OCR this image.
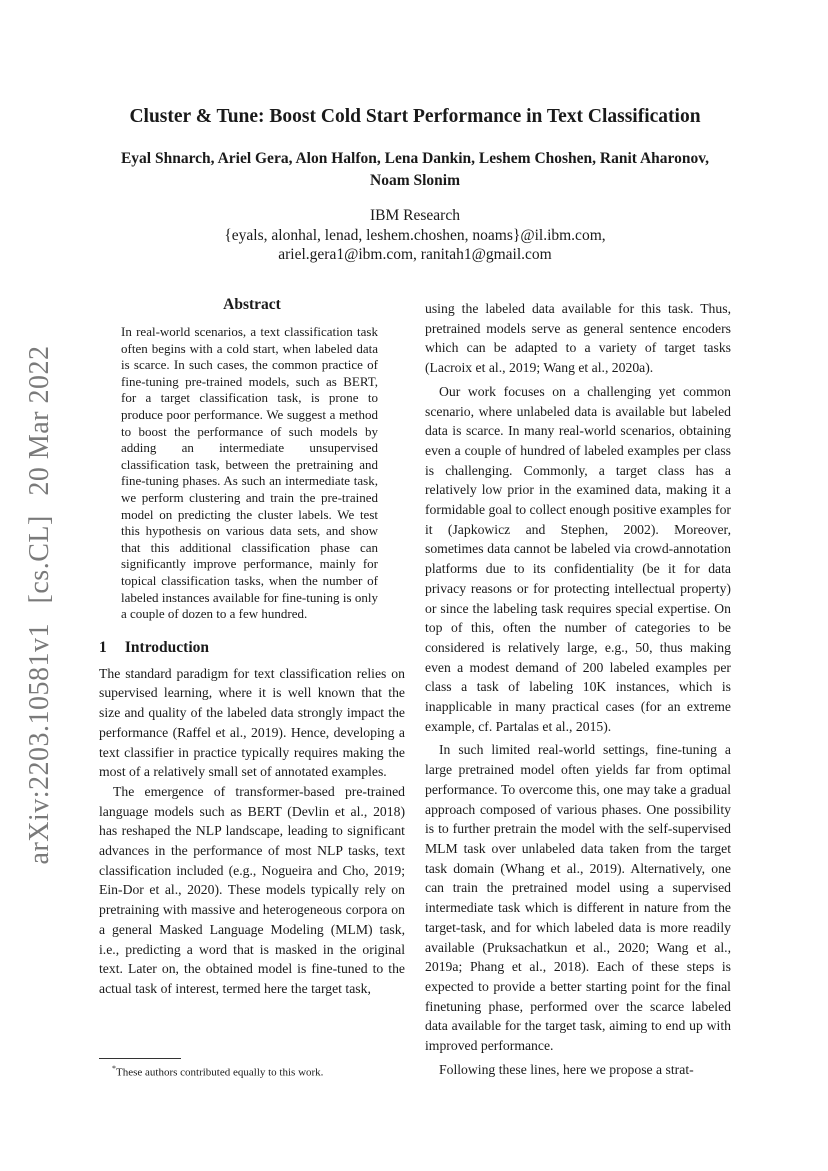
arXiv:2203.10581v1 [cs.CL] 20 Mar 2022
Cluster & Tune: Boost Cold Start Performance in Text Classification
Eyal Shnarch, Ariel Gera, Alon Halfon, Lena Dankin, Leshem Choshen, Ranit Aharonov,
Noam Slonim
IBM Research
{eyals, alonhal, lenad, leshem.choshen, noams}@il.ibm.com,
ariel.gera1@ibm.com, ranitah1@gmail.com
Abstract

In real-world scenarios, a text classification task often begins with a cold start, when labeled data is scarce. In such cases, the common practice of fine-tuning pre-trained models, such as BERT, for a target classification task, is prone to produce poor performance. We suggest a method to boost the performance of such models by adding an intermediate unsupervised classification task, between the pretraining and fine-tuning phases. As such an intermediate task, we perform clustering and train the pre-trained model on predicting the cluster labels. We test this hypothesis on various data sets, and show that this additional classification phase can significantly improve performance, mainly for topical classification tasks, when the number of labeled instances available for fine-tuning is only a couple of dozen to a few hundred.

1 Introduction

The standard paradigm for text classification relies on supervised learning, where it is well known that the size and quality of the labeled data strongly impact the performance (Raffel et al., 2019). Hence, developing a text classifier in practice typically requires making the most of a relatively small set of annotated examples.

The emergence of transformer-based pre-trained language models such as BERT (Devlin et al., 2018) has reshaped the NLP landscape, leading to significant advances in the performance of most NLP tasks, text classification included (e.g., Nogueira and Cho, 2019; Ein-Dor et al., 2020). These models typically rely on pretraining with massive and heterogeneous corpora on a general Masked Language Modeling (MLM) task, i.e., predicting a word that is masked in the original text. Later on, the obtained model is fine-tuned to the actual task of interest, termed here the target task,

using the labeled data available for this task. Thus, pretrained models serve as general sentence encoders which can be adapted to a variety of target tasks (Lacroix et al., 2019; Wang et al., 2020a).

Our work focuses on a challenging yet common scenario, where unlabeled data is available but labeled data is scarce. In many real-world scenarios, obtaining even a couple of hundred of labeled examples per class is challenging. Commonly, a target class has a relatively low prior in the examined data, making it a formidable goal to collect enough positive examples for it (Japkowicz and Stephen, 2002). Moreover, sometimes data cannot be labeled via crowd-annotation platforms due to its confidentiality (be it for data privacy reasons or for protecting intellectual property) or since the labeling task requires special expertise. On top of this, often the number of categories to be considered is relatively large, e.g., 50, thus making even a modest demand of 200 labeled examples per class a task of labeling 10K instances, which is inapplicable in many practical cases (for an extreme example, cf. Partalas et al., 2015).

In such limited real-world settings, fine-tuning a large pretrained model often yields far from optimal performance. To overcome this, one may take a gradual approach composed of various phases. One possibility is to further pretrain the model with the self-supervised MLM task over unlabeled data taken from the target task domain (Whang et al., 2019). Alternatively, one can train the pretrained model using a supervised intermediate task which is different in nature from the target-task, and for which labeled data is more readily available (Pruksachatkun et al., 2020; Wang et al., 2019a; Phang et al., 2018). Each of these steps is expected to provide a better starting point for the final finetuning phase, performed over the scarce labeled data available for the target task, aiming to end up with improved performance.

Following these lines, here we propose a strat-

*These authors contributed equally to this work.
